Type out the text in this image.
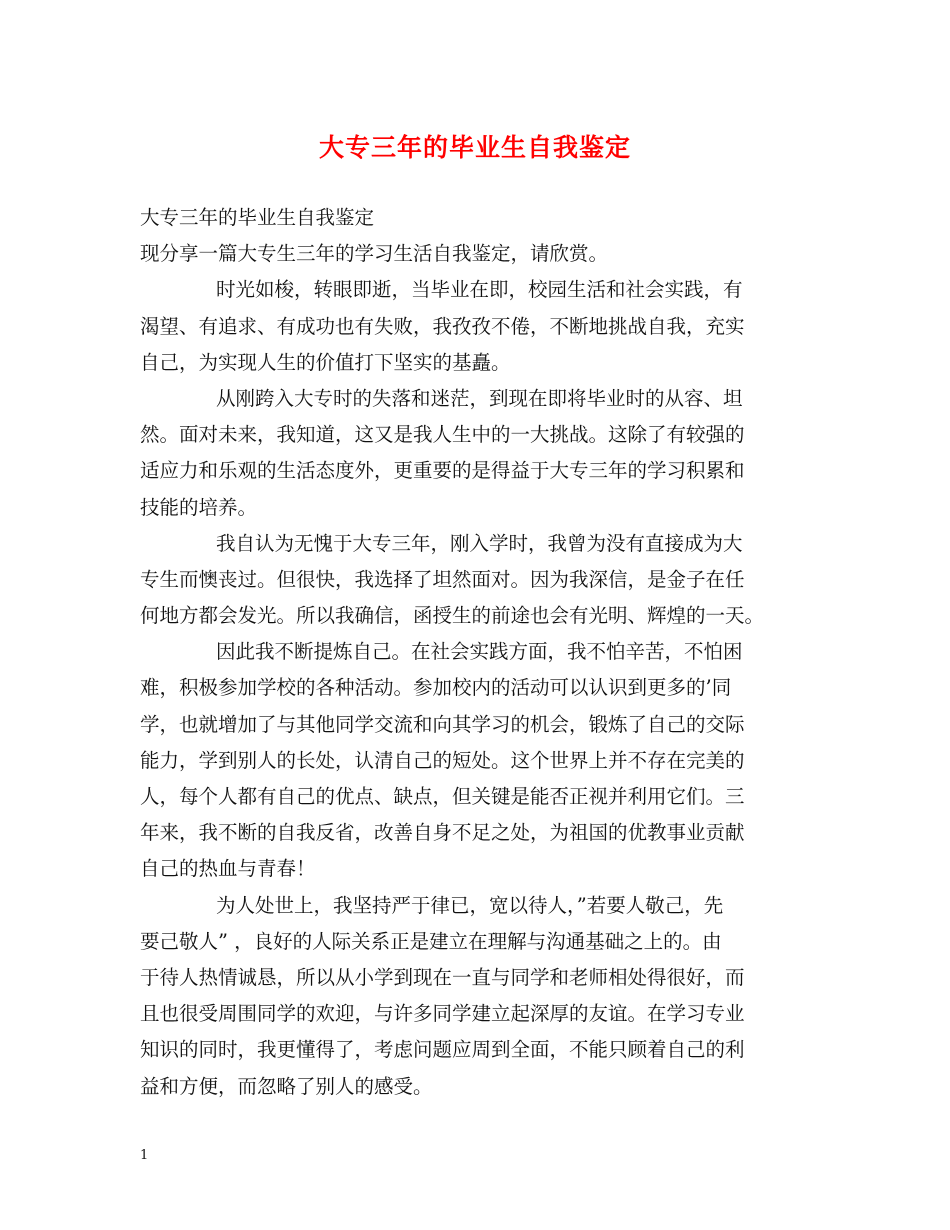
大专三年的毕业生自我鉴定
大专三年的毕业生自我鉴定
现分享一篇大专生三年的学习生活自我鉴定，请欣赏。
时光如梭，转眼即逝，当毕业在即，校园生活和社会实践，有
渴望、有追求、有成功也有失败，我孜孜不倦，不断地挑战自我，充实
自己，为实现人生的价值打下坚实的基矗。
从刚跨入大专时的失落和迷茫，到现在即将毕业时的从容、坦
然。面对未来，我知道，这又是我人生中的一大挑战。这除了有较强的
适应力和乐观的生活态度外，更重要的是得益于大专三年的学习积累和
技能的培养。
我自认为无愧于大专三年，刚入学时，我曾为没有直接成为大
专生而懊丧过。但很快，我选择了坦然面对。因为我深信，是金子在任
何地方都会发光。所以我确信，函授生的前途也会有光明、辉煌的一天。
因此我不断提炼自己。在社会实践方面，我不怕辛苦，不怕困
难，积极参加学校的各种活动。参加校内的活动可以认识到更多的’同
学，也就增加了与其他同学交流和向其学习的机会，锻炼了自己的交际
能力，学到别人的长处，认清自己的短处。这个世界上并不存在完美的
人，每个人都有自己的优点、缺点，但关键是能否正视并利用它们。三
年来，我不断的自我反省，改善自身不足之处，为祖国的优教事业贡献
自己的热血与青春！
为人处世上，我坚持严于律已，宽以待人，”若要人敬己，先
要己敬人” ，良好的人际关系正是建立在理解与沟通基础之上的。由
于待人热情诚恳，所以从小学到现在一直与同学和老师相处得很好，而
且也很受周围同学的欢迎，与许多同学建立起深厚的友谊。在学习专业
知识的同时，我更懂得了，考虑问题应周到全面，不能只顾着自己的利
益和方便，而忽略了别人的感受。
1
